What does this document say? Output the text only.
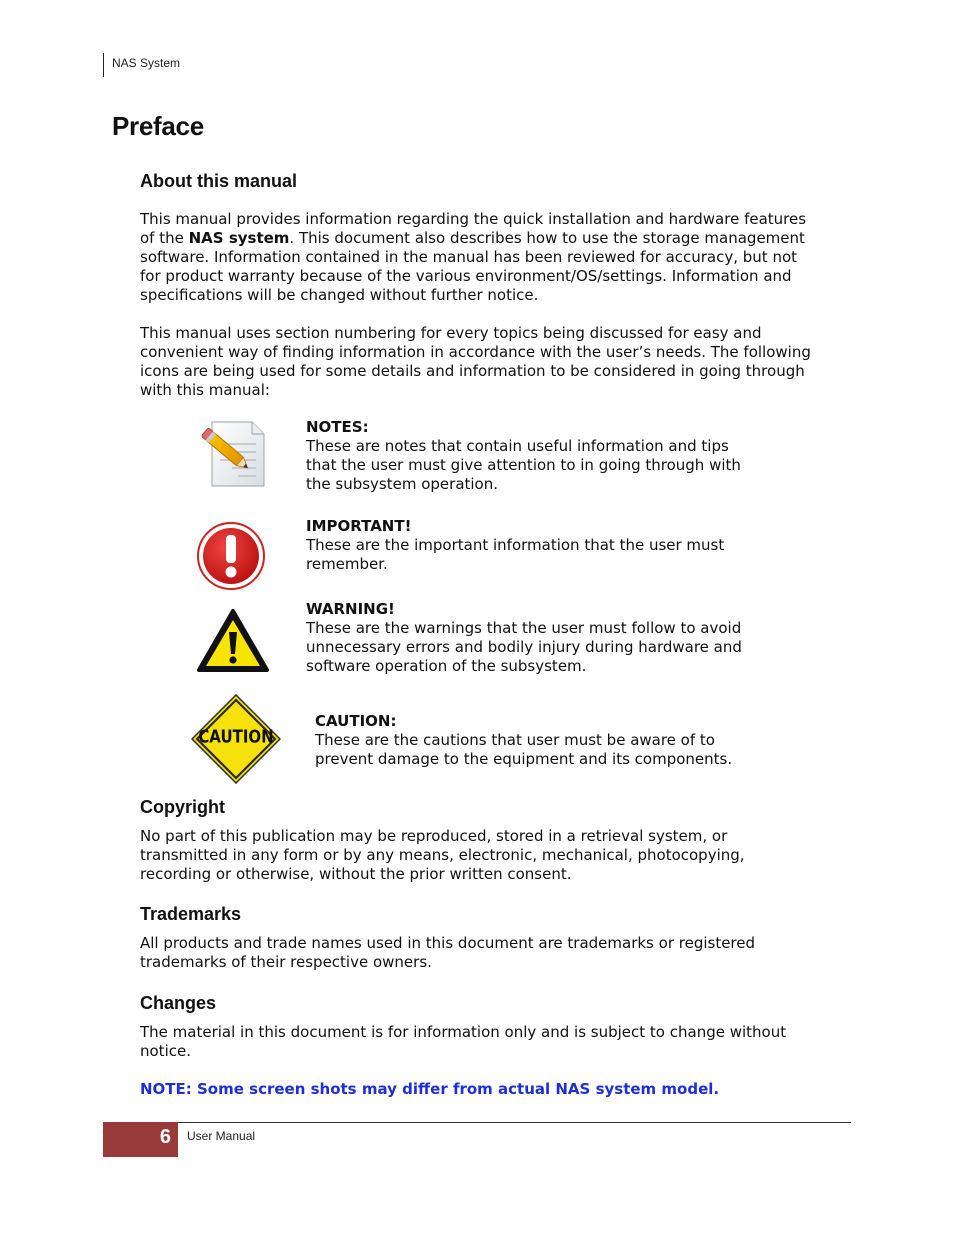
NAS System
Preface
About this manual
This manual provides information regarding the quick installation and hardware features
of the NAS system. This document also describes how to use the storage management
software. Information contained in the manual has been reviewed for accuracy, but not
for product warranty because of the various environment/OS/settings. Information and
specifications will be changed without further notice.
This manual uses section numbering for every topics being discussed for easy and
convenient way of finding information in accordance with the user’s needs. The following
icons are being used for some details and information to be considered in going through
with this manual:
NOTES:
These are notes that contain useful information and tips
that the user must give attention to in going through with
the subsystem operation.
IMPORTANT!
These are the important information that the user must
remember.
WARNING!
These are the warnings that the user must follow to avoid
unnecessary errors and bodily injury during hardware and
software operation of the subsystem.
CAUTION
CAUTION:
These are the cautions that user must be aware of to
prevent damage to the equipment and its components.
Copyright
No part of this publication may be reproduced, stored in a retrieval system, or
transmitted in any form or by any means, electronic, mechanical, photocopying,
recording or otherwise, without the prior written consent.
Trademarks
All products and trade names used in this document are trademarks or registered
trademarks of their respective owners.
Changes
The material in this document is for information only and is subject to change without
notice.
NOTE: Some screen shots may differ from actual NAS system model.
6 User Manual
